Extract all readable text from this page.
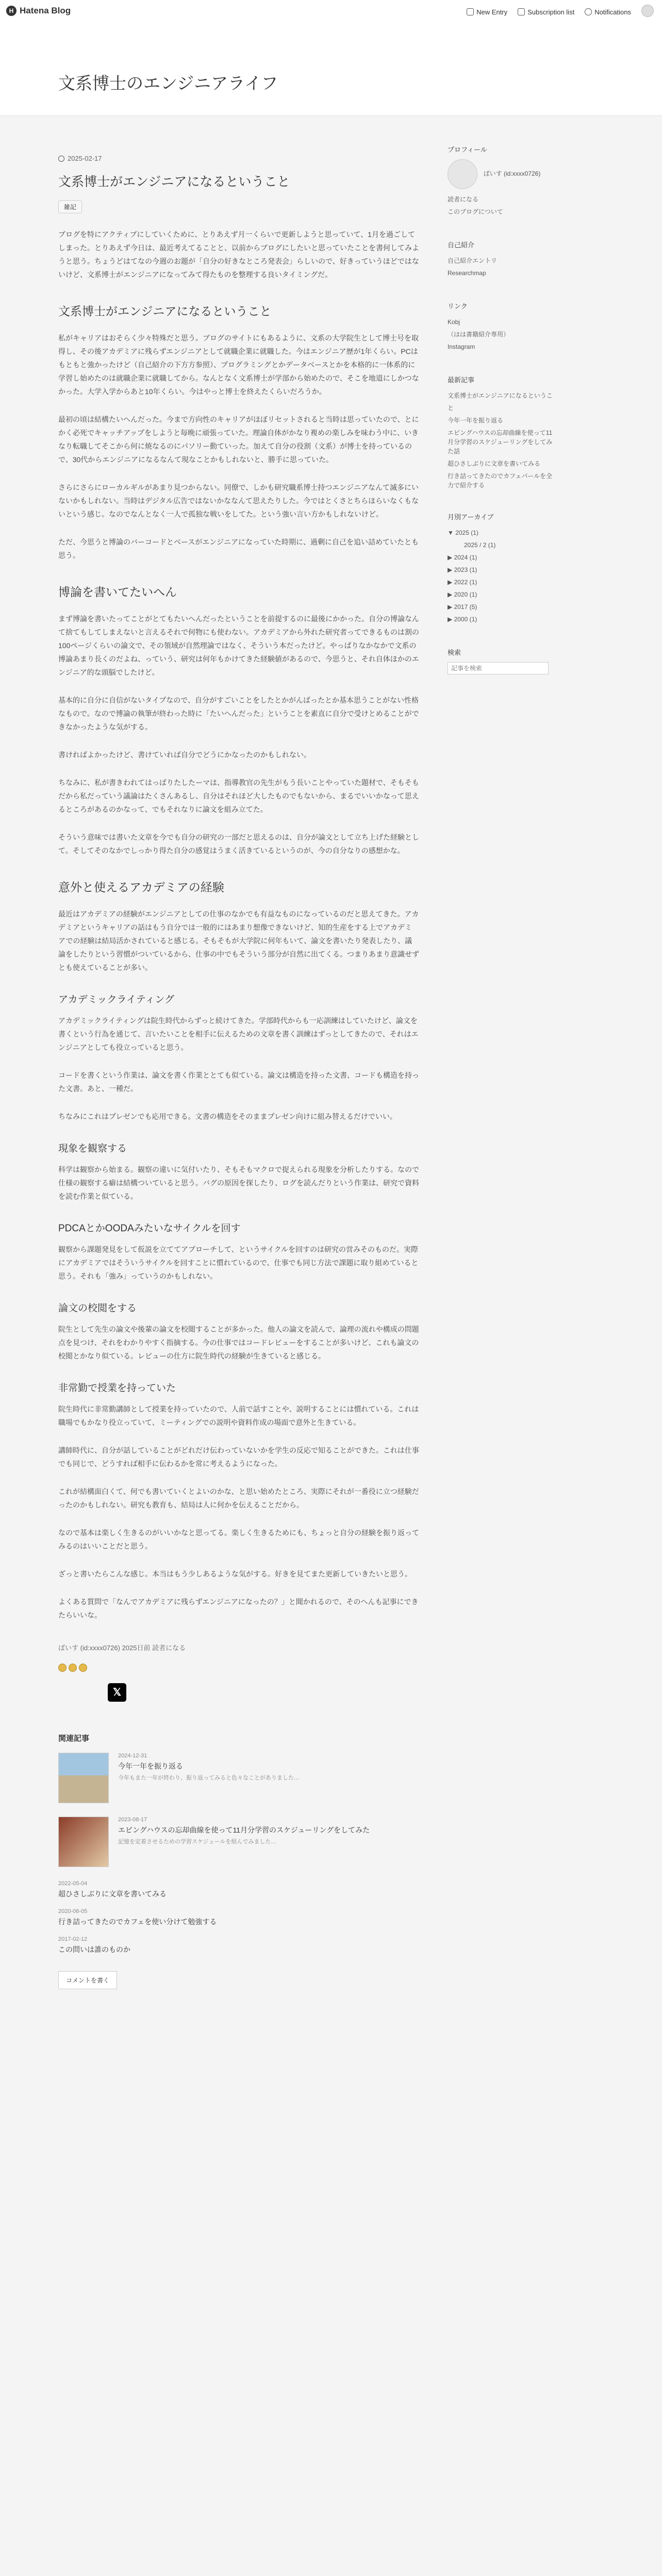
H Hatena Blog	New Entry	Subscription list	Notifications
文系博士のエンジニアライフ
2025-02-17
文系博士がエンジニアになるということ
雑記

ブログを特にアクティブにしていくために、とりあえず月一くらいで更新しようと思っていて、1月を過ごしてしまった。とりあえず今日は、最近考えてることと、以前からブログにしたいと思っていたことを書何してみようと思う。ちょうどはてなの今週のお題が「自分の好きなところ発表会」らしいので、好きっていうほどではないけど、文系博士がエンジニアになってみて得たものを整理する良いタイミングだ。

文系博士がエンジニアになるということ

私がキャリアはおそらく少々特殊だと思う。ブログのサイトにもあるように、文系の大学院生として博士号を取得し、その後アカデミアに残らずエンジニアとして就職企業に就職した。今はエンジニア歴が1年くらい。PCはもともと強かったけど（自己紹介の下方方参照）、プログラミングとかデータベースとかを本格的に一体系的に学習し始めたのは就職企業に就職してから。なんとなく文系博士が学部から始めたので、そこを地道にしかつなかった。大学入学からあと10年くらい。今はやっと博士を終えたくらいだろうか。

最初の頃は結構たいへんだった。今まで方向性のキャリアがほぼリセットされると当時は思っていたので、とにかく必死でキャッチアップをしようと毎晩に頑張っていた。理論自体がかなり複めの楽しみを味わう中に、いきなり転職してそこから何に焼なるのにパソリー動ていった。加えて自分の役割（文系）が博士を持っているので、30代からエンジニアになるなんて現なことかもしれないと、勝手に思っていた。

さらにさらにローカルギルがあまり見つからない。同僚で、しかも研究職系博士持つエンジニアなんて滅多にいないかもしれない。当時はデジタル広告ではないかななんて思えたりした。今ではとくさとちらほらいなくもないという感じ。なのでなんとなく一人で孤独な戦いをしてた。という強い言い方かもしれないけど。

ただ、今思うと博論のバーコードとベースがエンジニアになっていた時期に、過剰に自己を追い詰めていたとも思う。

博論を書いてたいへん

まず博論を書いたってことがとてもたいへんだったということを前提するのに最後にかかった。自分の博論なんて捨てもしてしまえないと言えるそれで何物にも使わない。アカデミアから外れた研究者ってできるものは割の100ページくらいの論文で、その領域が自然理論ではなく、そういう本だったけど。やっぱりなかなかで文系の博論あまり長くのだよね、っていう、研究は何年もかけてきた経験値があるので、今思うと、それ自体ほかのエンジニア的な頭脳でしたけど。

基本的に自分に自信がないタイプなので、自分がすごいことをしたとかがんばったとか基本思うことがない性格なもので。なので博論の執筆が終わった時に「たいへんだった」ということを素直に自分で受けとめることができなかったような気がする。

書ければよかったけど、書けていれば自分でどうにかなったのかもしれない。

ちなみに、私が書きわれてはっばりたしたーマは、指導教官の先生がもう長いことやっていた題材で、そもそもだから私だっていう議論はたくさんあるし、自分はそれほど大したものでもないから、まるでいいかなって思えるところがあるのかなって、でもそれなりに論文を組み立てた。

そういう意味では書いた文章を今でも自分の研究の一部だと思えるのは、自分が論文として立ち上げた経験として。そしてそのなかでしっかり得た自分の感覚はうまく活きているというのが、今の自分なりの感想かな。

意外と使えるアカデミアの経験

最近はアカデミアの経験がエンジニアとしての仕事のなかでも有益なものになっているのだと思えてきた。アカデミアというキャリアの話はもう自分では一般的にはあまり想像できないけど、知的生産をする上でアカデミアでの経験は結局活かされていると感じる。そもそもが大学院に何年もいて、論文を書いたり発表したり、議論をしたりという習慣がついているから、仕事の中でもそういう部分が自然に出てくる。つまりあまり意識せずとも使えていることが多い。

アカデミックライティング

アカデミックライティングは院生時代からずっと続けてきた。学部時代からも一応訓練はしていたけど、論文を書くという行為を通じて、言いたいことを相手に伝えるための文章を書く訓練はずっとしてきたので、それはエンジニアとしても役立っていると思う。

コードを書くという作業は、論文を書く作業ととても似ている。論文は構造を持った文書、コードも構造を持った文書。あと、一種だ。

ちなみにこれはプレゼンでも応用できる。文書の構造をそのままプレゼン向けに組み替えるだけでいい。

現象を観察する

科学は観察から始まる。観察の違いに気付いたり、そもそもマクロで捉えられる現象を分析したりする。なので仕様の観察する癖は結構ついていると思う。バグの原因を探したり、ログを読んだりという作業は、研究で資料を読む作業と似ている。

PDCAとかOODAみたいなサイクルを回す

観察から課題発見をして仮説を立ててアプローチして、というサイクルを回すのは研究の営みそのものだ。実際にアカデミアではそういうサイクルを回すことに慣れているので、仕事でも同じ方法で課題に取り組めていると思う。それも「強み」っていうのかもしれない。

論文の校閲をする

院生として先生の論文や後輩の論文を校閲することが多かった。他人の論文を読んで、論理の流れや構成の問題点を見つけ、それをわかりやすく指摘する。今の仕事ではコードレビューをすることが多いけど、これも論文の校閲とかなり似ている。レビューの仕方に院生時代の経験が生きていると感じる。

非常勤で授業を持っていた

院生時代に非常勤講師として授業を持っていたので、人前で話すことや、説明することには慣れている。これは職場でもかなり役立っていて、ミーティングでの説明や資料作成の場面で意外と生きている。

講師時代に、自分が話していることがどれだけ伝わっていないかを学生の反応で知ることができた。これは仕事でも同じで、どうすれば相手に伝わるかを常に考えるようになった。

これが結構面白くて、何でも書いていくとよいのかな、と思い始めたところ、実際にそれが一番役に立つ経験だったのかもしれない。研究も教育も、結局は人に何かを伝えることだから。

なので基本は楽しく生きるのがいいかなと思ってる。楽しく生きるためにも、ちょっと自分の経験を振り返ってみるのはいいことだと思う。

ざっと書いたらこんな感じ。本当はもう少しあるような気がする。好きを見てまた更新していきたいと思う。

よくある質問で「なんでアカデミアに残らずエンジニアになったの？」と聞かれるので、そのへんも記事にできたらいいな。

ばいす (id:xxxx0726) 2025日前 読者になる
𝕏
関連記事
2024-12-31
今年一年を振り返る
今年もまた一年が終わり、振り返ってみると色々なことがありました…
2023-08-17
エビングハウスの忘却曲線を使って11月分学習のスケジューリングをしてみた
記憶を定着させるための学習スケジュールを組んでみました…
2022-05-04
超ひさしぶりに文章を書いてみる
2020-06-05
行き詰ってきたのでカフェを使い分けて勉強する
2017-02-12
この問いは誰のものか
コメントを書く
プロフィール
ばいす (id:xxxx0726)
読者になる
このブログについて
自己紹介
自己紹介エントリ
Researchmap
リンク
Kobj
（はは書籍紹介専用）
Instagram
最新記事
文系博士がエンジニアになるということ
今年一年を振り返る
エビングハウスの忘却曲線を使って11月分学習のスケジューリングをしてみた話
超ひさしぶりに文章を書いてみる
行き詰ってきたのでカフェパールを全力で紹介する
月別アーカイブ
▼ 2025 (1)
2025 / 2 (1)
▶ 2024 (1)
▶ 2023 (1)
▶ 2022 (1)
▶ 2020 (1)
▶ 2017 (5)
▶ 2000 (1)
検索
記事を検索
